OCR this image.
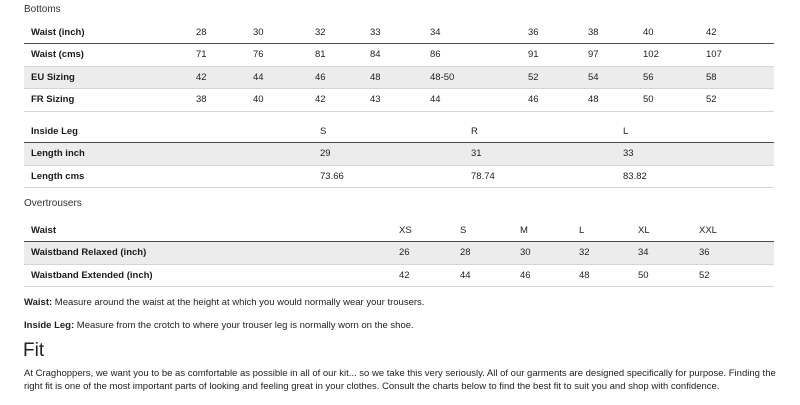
Bottoms
Waist (inch)	28	30	32	33	34	36	38	40	42
Waist (cms)	71	76	81	84	86	91	97	102	107
EU Sizing	42	44	46	48	48-50	52	54	56	58
FR Sizing	38	40	42	43	44	46	48	50	52
Inside Leg	S	R	L
Length inch	29	31	33
Length cms	73.66	78.74	83.82
Overtrousers
Waist	XS	S	M	L	XL	XXL
Waistband Relaxed (inch)	26	28	30	32	34	36
Waistband Extended (inch)	42	44	46	48	50	52
Waist: Measure around the waist at the height at which you would normally wear your trousers.
Inside Leg: Measure from the crotch to where your trouser leg is normally worn on the shoe.
Fit

At Craghoppers, we want you to be as comfortable as possible in all of our kit... so we take this very seriously. All of our garments are designed specifically for purpose. Finding the right fit is one of the most important parts of looking and feeling great in your clothes. Consult the charts below to find the best fit to suit you and shop with confidence.
